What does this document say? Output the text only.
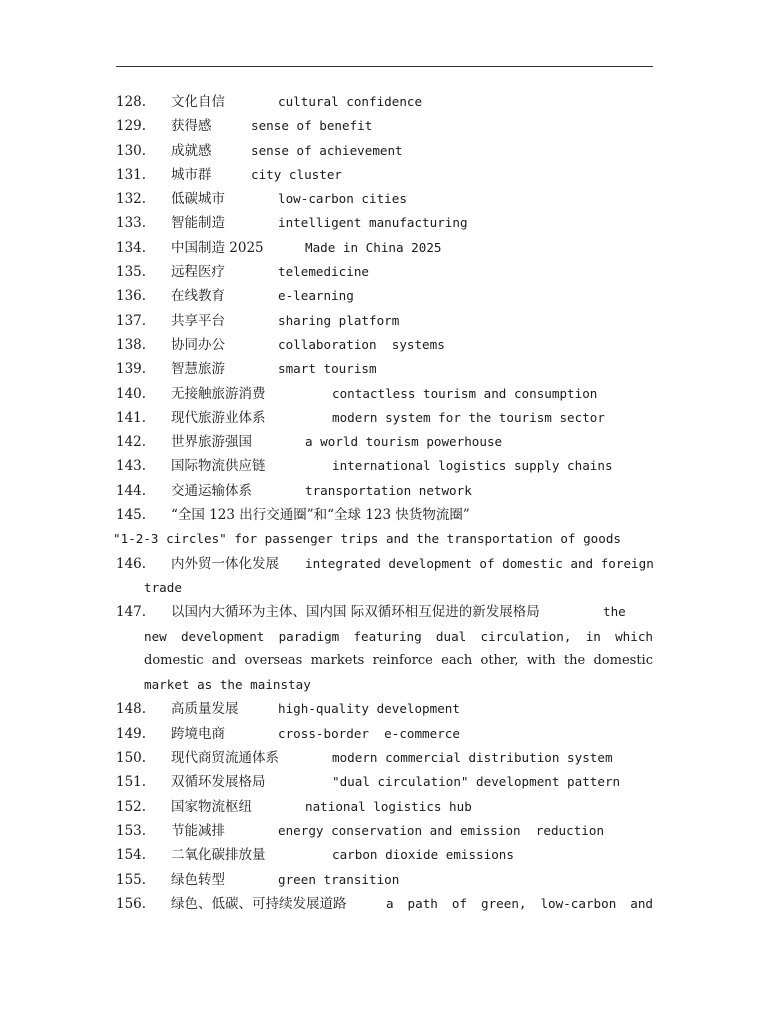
128. 文化自信	cultural confidence
129. 获得感	sense of benefit
130. 成就感	sense of achievement
131. 城市群	city cluster
132. 低碳城市	low-carbon cities
133. 智能制造	intelligent manufacturing
134. 中国制造 2025	Made in China 2025
135. 远程医疗	telemedicine
136. 在线教育	e-learning
137. 共享平台	sharing platform
138. 协同办公	collaboration  systems
139. 智慧旅游	smart tourism
140. 无接触旅游消费	contactless tourism and consumption
141. 现代旅游业体系	modern system for the tourism sector
142. 世界旅游强国	a world tourism powerhouse
143. 国际物流供应链	international logistics supply chains
144. 交通运输体系	transportation network
145. “全国 123 出行交通圈”和“全球 123 快货物流圈”
"1-2-3 circles" for passenger trips and the transportation of goods
146. 内外贸一体化发展 integrated development of domestic and foreign
trade
147. 以国内大循环为主体、国内国 际双循环相互促进的新发展格局	the
new development paradigm featuring dual circulation, in which
domestic and overseas markets reinforce each other, with the domestic
market as the mainstay
148. 高质量发展	high-quality development
149. 跨境电商	cross-border  e-commerce
150. 现代商贸流通体系	modern commercial distribution system
151. 双循环发展格局	"dual circulation" development pattern
152. 国家物流枢纽	national logistics hub
153. 节能减排	energy conservation and emission  reduction
154. 二氧化碳排放量	carbon dioxide emissions
155. 绿色转型	green transition
156. 绿色、低碳、可持续发展道路	a path of green, low-carbon and
